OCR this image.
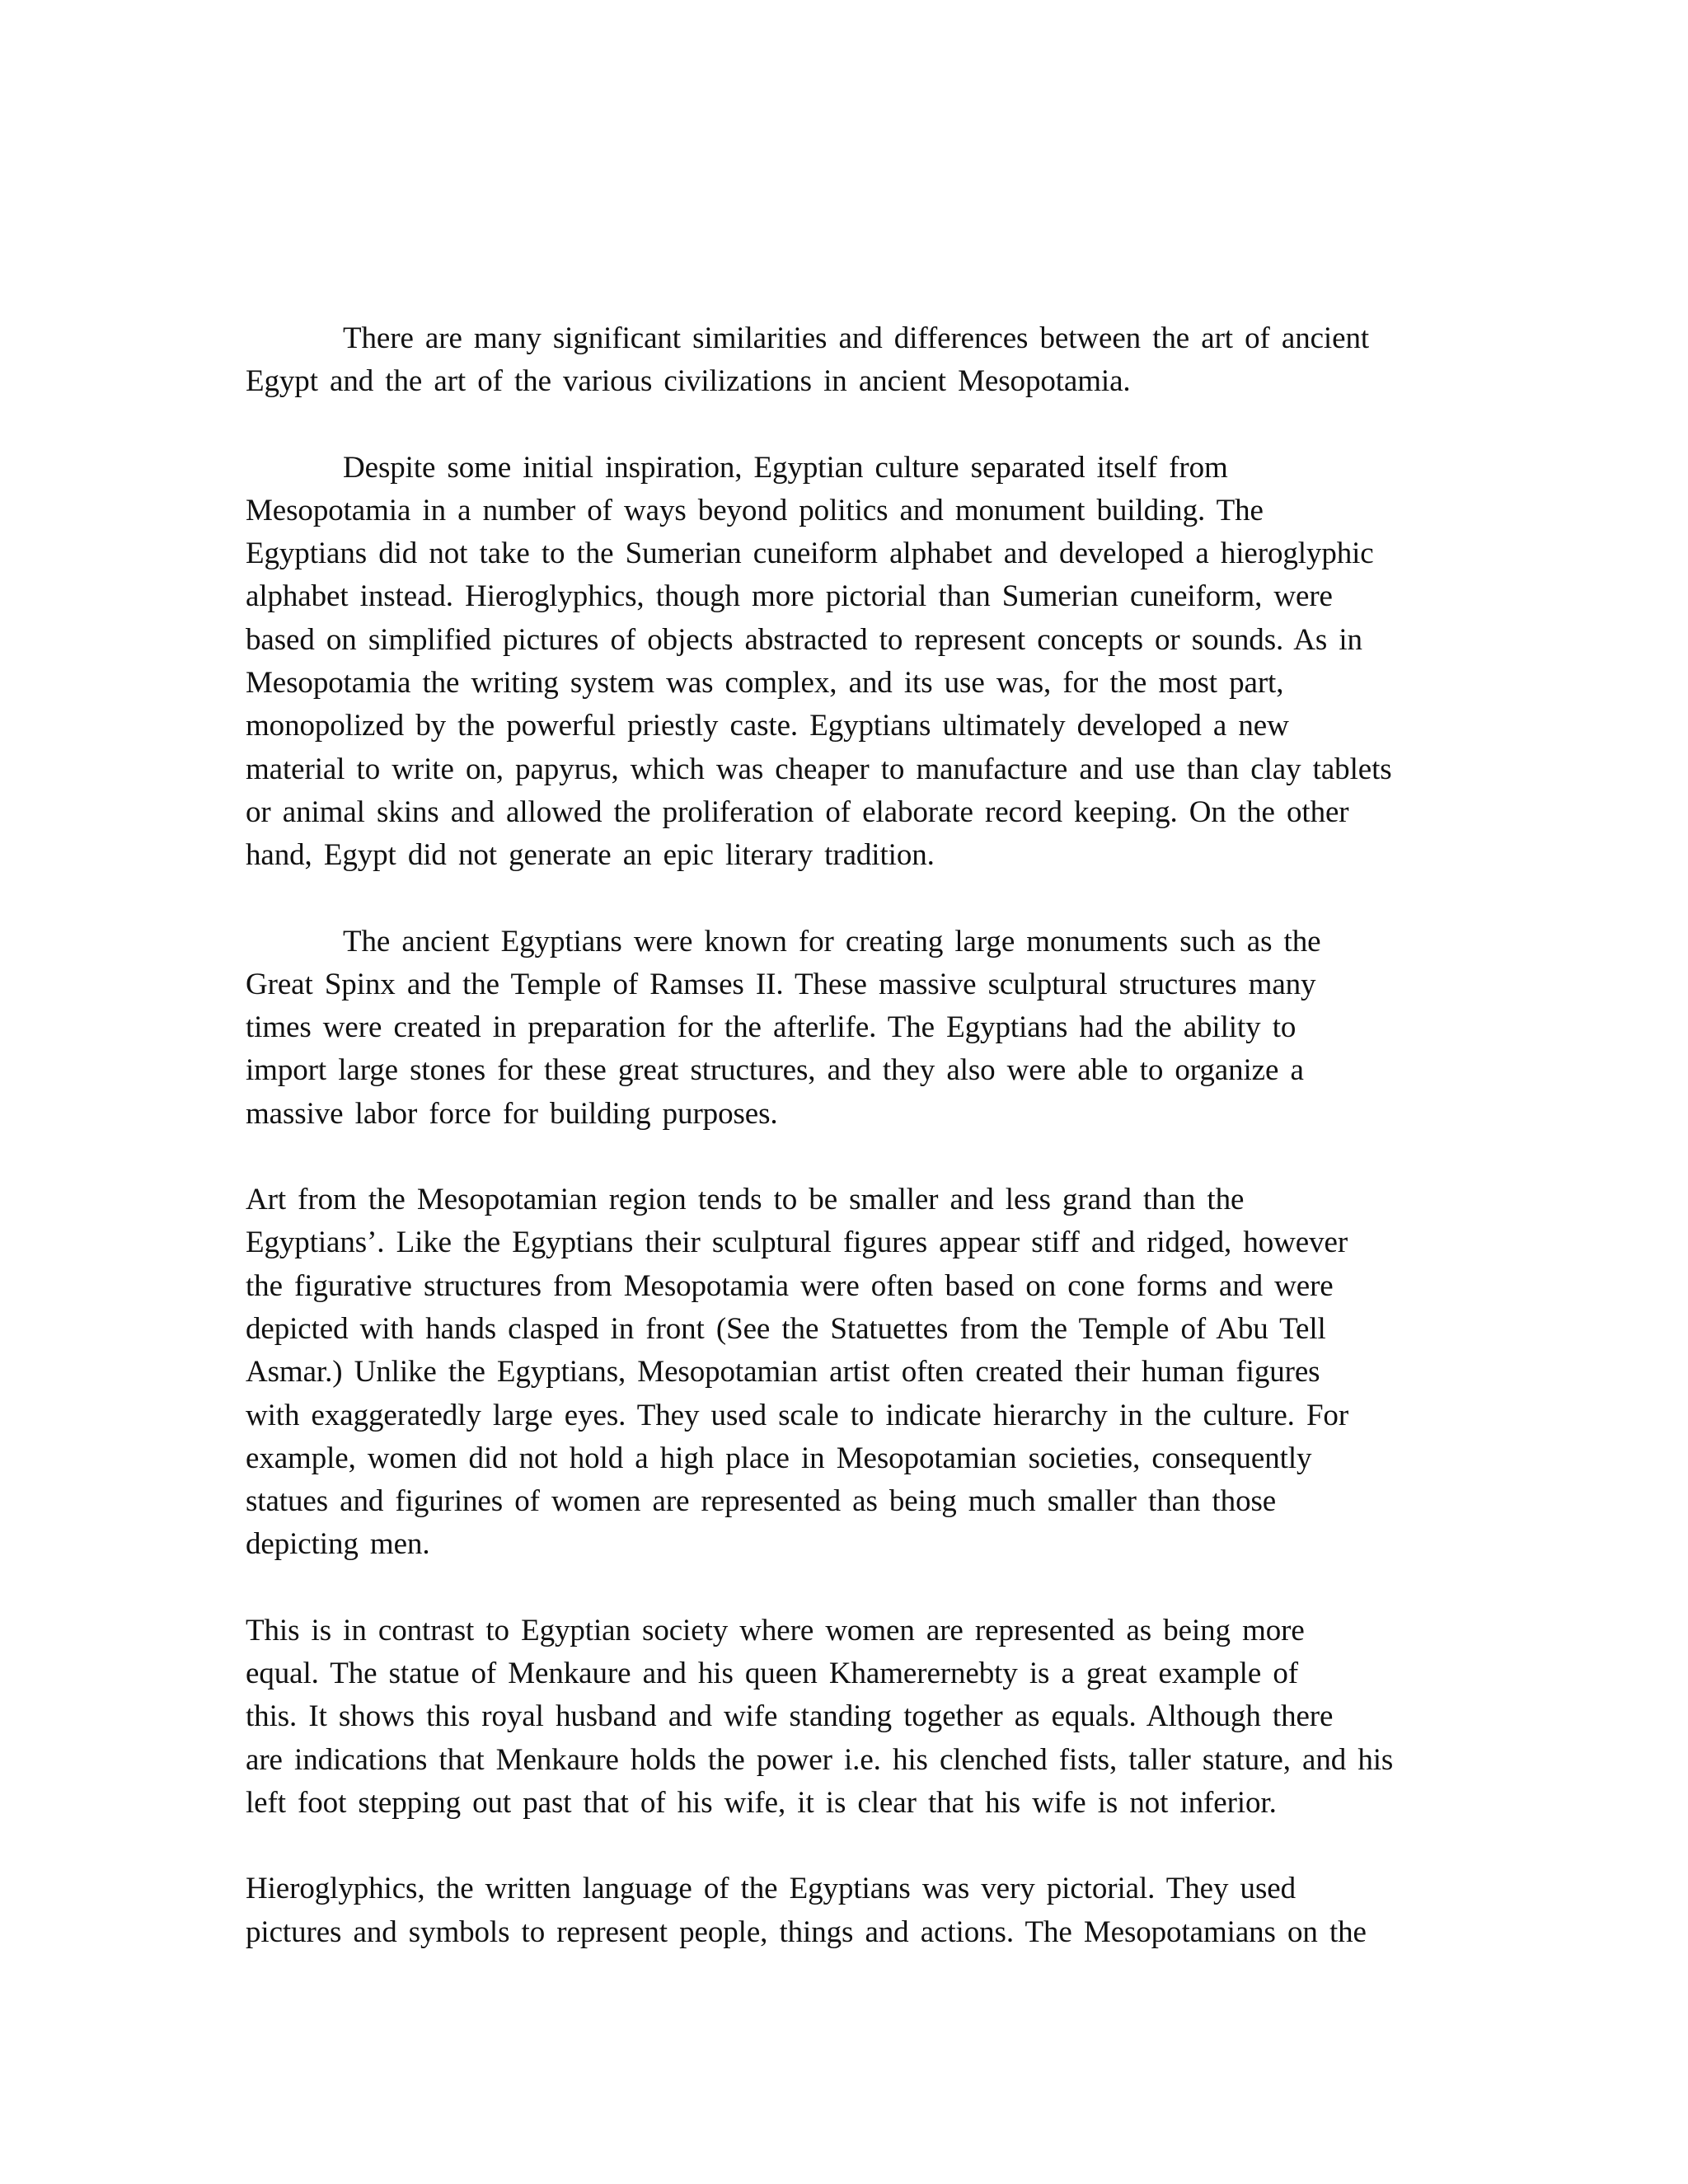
There are many significant similarities and differences between the art of ancient
Egypt and the art of the various civilizations in ancient Mesopotamia.

Despite some initial inspiration, Egyptian culture separated itself from
Mesopotamia in a number of ways beyond politics and monument building. The
Egyptians did not take to the Sumerian cuneiform alphabet and developed a hieroglyphic
alphabet instead. Hieroglyphics, though more pictorial than Sumerian cuneiform, were
based on simplified pictures of objects abstracted to represent concepts or sounds. As in
Mesopotamia the writing system was complex, and its use was, for the most part,
monopolized by the powerful priestly caste. Egyptians ultimately developed a new
material to write on, papyrus, which was cheaper to manufacture and use than clay tablets
or animal skins and allowed the proliferation of elaborate record keeping. On the other
hand, Egypt did not generate an epic literary tradition.

The ancient Egyptians were known for creating large monuments such as the
Great Spinx and the Temple of Ramses II. These massive sculptural structures many
times were created in preparation for the afterlife. The Egyptians had the ability to
import large stones for these great structures, and they also were able to organize a
massive labor force for building purposes.

Art from the Mesopotamian region tends to be smaller and less grand than the
Egyptians’. Like the Egyptians their sculptural figures appear stiff and ridged, however
the figurative structures from Mesopotamia were often based on cone forms and were
depicted with hands clasped in front (See the Statuettes from the Temple of Abu Tell
Asmar.) Unlike the Egyptians, Mesopotamian artist often created their human figures
with exaggeratedly large eyes. They used scale to indicate hierarchy in the culture. For
example, women did not hold a high place in Mesopotamian societies, consequently
statues and figurines of women are represented as being much smaller than those
depicting men.

This is in contrast to Egyptian society where women are represented as being more
equal. The statue of Menkaure and his queen Khamerernebty is a great example of
this. It shows this royal husband and wife standing together as equals. Although there
are indications that Menkaure holds the power i.e. his clenched fists, taller stature, and his
left foot stepping out past that of his wife, it is clear that his wife is not inferior.

Hieroglyphics, the written language of the Egyptians was very pictorial. They used
pictures and symbols to represent people, things and actions. The Mesopotamians on the
